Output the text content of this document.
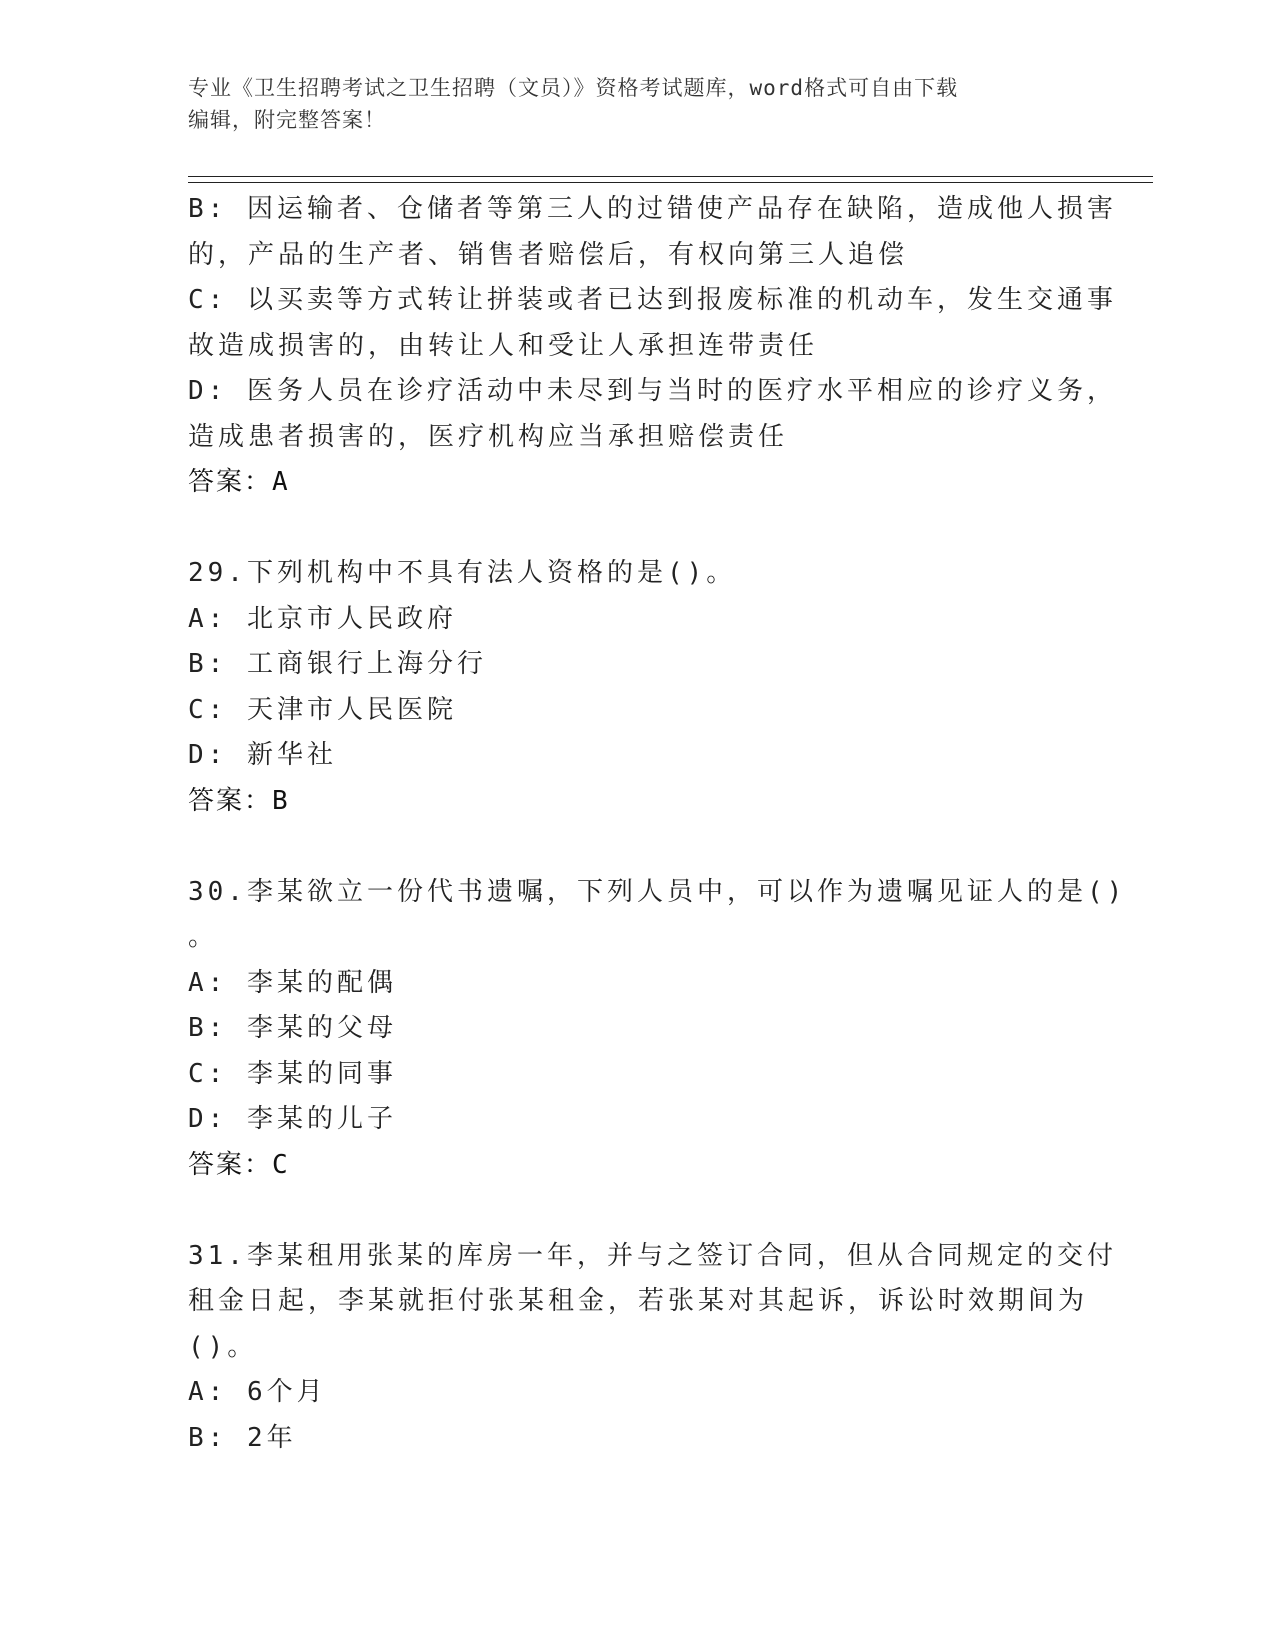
专业《卫生招聘考试之卫生招聘（文员）》资格考试题库，word格式可自由下载
编辑，附完整答案！
B: 因运输者、仓储者等第三人的过错使产品存在缺陷，造成他人损害
的，产品的生产者、销售者赔偿后，有权向第三人追偿
C: 以买卖等方式转让拼装或者已达到报废标准的机动车，发生交通事
故造成损害的，由转让人和受让人承担连带责任
D: 医务人员在诊疗活动中未尽到与当时的医疗水平相应的诊疗义务，
造成患者损害的，医疗机构应当承担赔偿责任
答案：A
29.下列机构中不具有法人资格的是()。
A: 北京市人民政府
B: 工商银行上海分行
C: 天津市人民医院
D: 新华社
答案：B
30.李某欲立一份代书遗嘱，下列人员中，可以作为遗嘱见证人的是()
。
A: 李某的配偶
B: 李某的父母
C: 李某的同事
D: 李某的儿子
答案：C
31.李某租用张某的库房一年，并与之签订合同，但从合同规定的交付
租金日起，李某就拒付张某租金，若张某对其起诉，诉讼时效期间为
()。
A: 6个月
B: 2年
